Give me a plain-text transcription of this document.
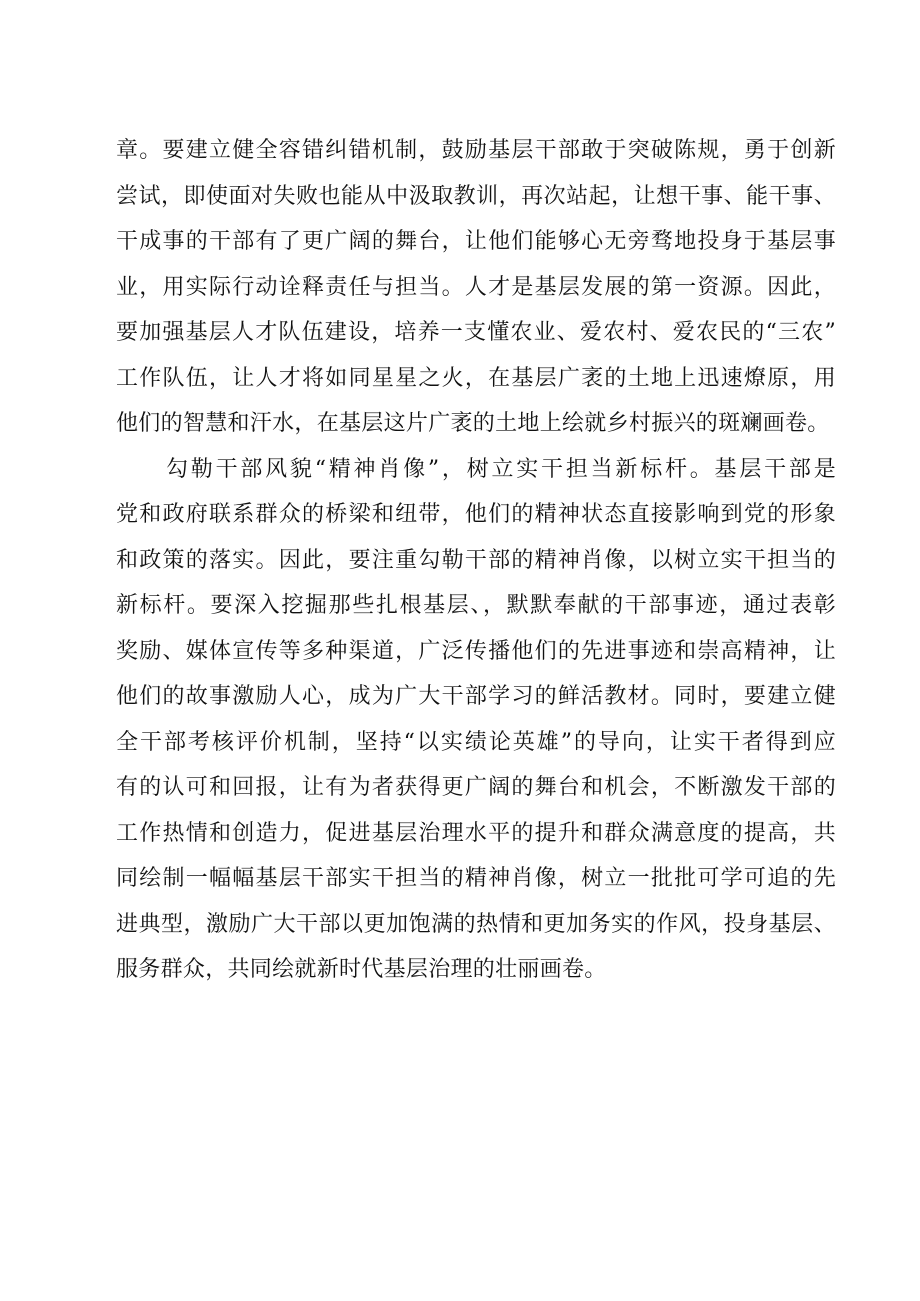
章。要建立健全容错纠错机制，鼓励基层干部敢于突破陈规，勇于创新
尝试，即使面对失败也能从中汲取教训，再次站起，让想干事、能干事、
干成事的干部有了更广阔的舞台，让他们能够心无旁骛地投身于基层事
业，用实际行动诠释责任与担当。人才是基层发展的第一资源。因此，
要加强基层人才队伍建设，培养一支懂农业、爱农村、爱农民的“三农”
工作队伍，让人才将如同星星之火，在基层广袤的土地上迅速燎原，用
他们的智慧和汗水，在基层这片广袤的土地上绘就乡村振兴的斑斓画卷。
勾勒干部风貌“精神肖像”，树立实干担当新标杆。基层干部是
党和政府联系群众的桥梁和纽带，他们的精神状态直接影响到党的形象
和政策的落实。因此，要注重勾勒干部的精神肖像，以树立实干担当的
新标杆。要深入挖掘那些扎根基层、，默默奉献的干部事迹，通过表彰
奖励、媒体宣传等多种渠道，广泛传播他们的先进事迹和崇高精神，让
他们的故事激励人心，成为广大干部学习的鲜活教材。同时，要建立健
全干部考核评价机制，坚持“以实绩论英雄”的导向，让实干者得到应
有的认可和回报，让有为者获得更广阔的舞台和机会，不断激发干部的
工作热情和创造力，促进基层治理水平的提升和群众满意度的提高，共
同绘制一幅幅基层干部实干担当的精神肖像，树立一批批可学可追的先
进典型，激励广大干部以更加饱满的热情和更加务实的作风，投身基层、
服务群众，共同绘就新时代基层治理的壮丽画卷。
